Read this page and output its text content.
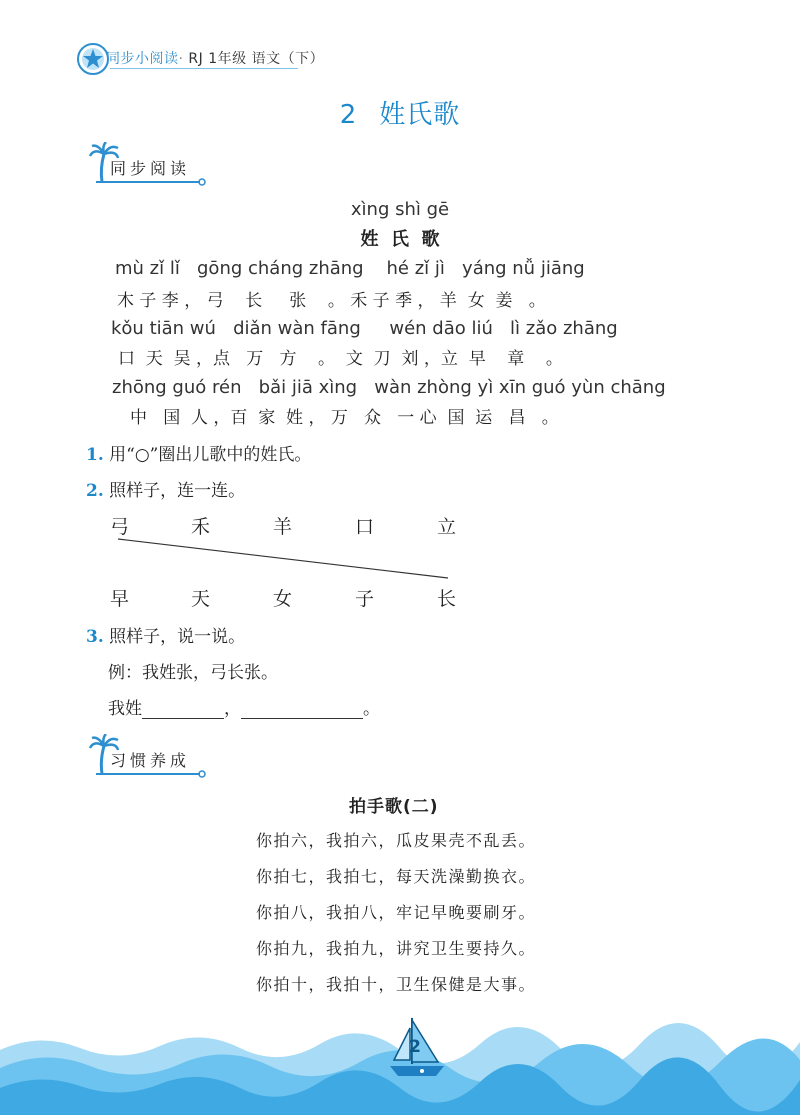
同步小阅读· RJ 1年级 语文（下）
2 姓氏歌
同步阅读
xìng shì gē
姓  氏  歌
mù zǐ lǐ   gōng cháng zhāng    hé zǐ jì   yáng nǚ jiāng
木 子 李 ， 弓    长     张    。 禾 子 季 ， 羊  女  姜   。
kǒu tiān wú   diǎn wàn fāng     wén dāo liú   lì zǎo zhāng
口  天  吴 ，点   万   方    。  文  刀  刘 ，立  早    章    。
zhōng guó rén   bǎi jiā xìng   wàn zhòng yì xīn guó yùn chāng
中   国  人 ，百  家  姓 ， 万   众   一 心  国  运   昌   。
1. 用“○”圈出儿歌中的姓氏。
2. 照样子，连一连。
弓	禾	羊	口	立
早	天	女	子	长
3. 照样子，说一说。
例：我姓张，弓长张。
我姓	，	。
习惯养成
拍手歌(二)
你拍六，我拍六，瓜皮果壳不乱丢。
你拍七，我拍七，每天洗澡勤换衣。
你拍八，我拍八，牢记早晚要刷牙。
你拍九，我拍九，讲究卫生要持久。
你拍十，我拍十，卫生保健是大事。
2
